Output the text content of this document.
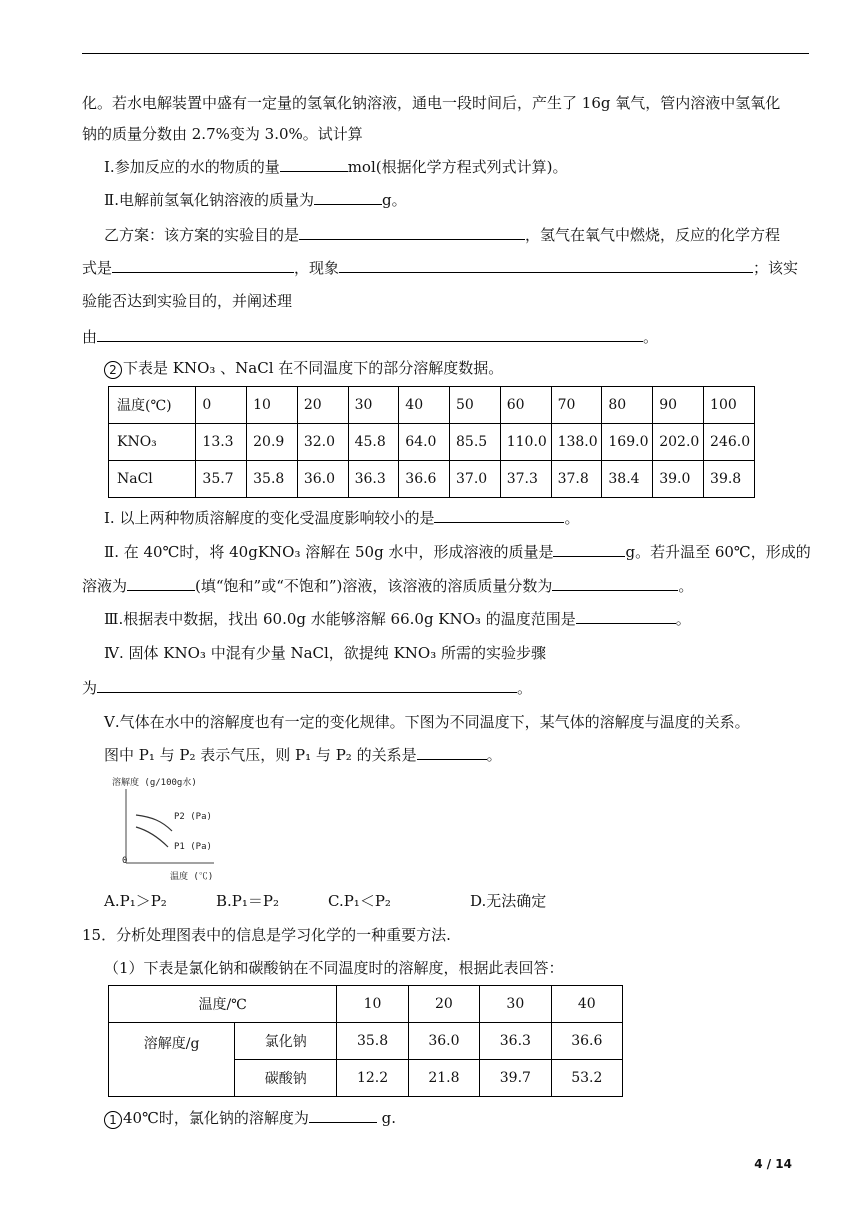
化。若水电解装置中盛有一定量的氢氧化钠溶液，通电一段时间后，产生了 16g 氧气，管内溶液中氢氧化
钠的质量分数由 2.7%变为 3.0%。试计算
Ⅰ.参加反应的水的物质的量	mol(根据化学方程式列式计算)。
Ⅱ.电解前氢氧化钠溶液的质量为	g。
乙方案：该方案的实验目的是	，氢气在氧气中燃烧，反应的化学方程
式是	，现象	；该实
验能否达到实验目的，并阐述理
由	。
2 下表是 KNO₃ 、NaCl 在不同温度下的部分溶解度数据。
温度(℃)	0	10	20	30	40	50	60	70	80	90	100
KNO₃	13.3	20.9	32.0	45.8	64.0	85.5	110.0	138.0	169.0	202.0	246.0
NaCl	35.7	35.8	36.0	36.3	36.6	37.0	37.3	37.8	38.4	39.0	39.8
Ⅰ. 以上两种物质溶解度的变化受温度影响较小的是	。
Ⅱ. 在 40℃时，将 40gKNO₃ 溶解在 50g 水中，形成溶液的质量是	g。若升温至 60℃，形成的
溶液为	(填“饱和”或“不饱和”)溶液，该溶液的溶质质量分数为	。
Ⅲ.根据表中数据，找出 60.0g 水能够溶解 66.0g KNO₃ 的温度范围是	。
Ⅳ. 固体 KNO₃ 中混有少量 NaCl，欲提纯 KNO₃ 所需的实验步骤
为	。
Ⅴ.气体在水中的溶解度也有一定的变化规律。下图为不同温度下，某气体的溶解度与温度的关系。
图中 P₁ 与 P₂ 表示气压，则 P₁ 与 P₂ 的关系是	。
溶解度 (g/100g水)
0
P2 (Pa)
P1 (Pa)
温度 (℃)
A.P₁＞P₂	B.P₁＝P₂	C.P₁＜P₂	D.无法确定
15．分析处理图表中的信息是学习化学的一种重要方法.
（1）下表是氯化钠和碳酸钠在不同温度时的溶解度，根据此表回答：
温度/℃		10	20	30	40
溶解度/g	氯化钠	35.8	36.0	36.3	36.6
	碳酸钠	12.2	21.8	39.7	53.2
1 40℃时，氯化钠的溶解度为	g.
4 / 14
